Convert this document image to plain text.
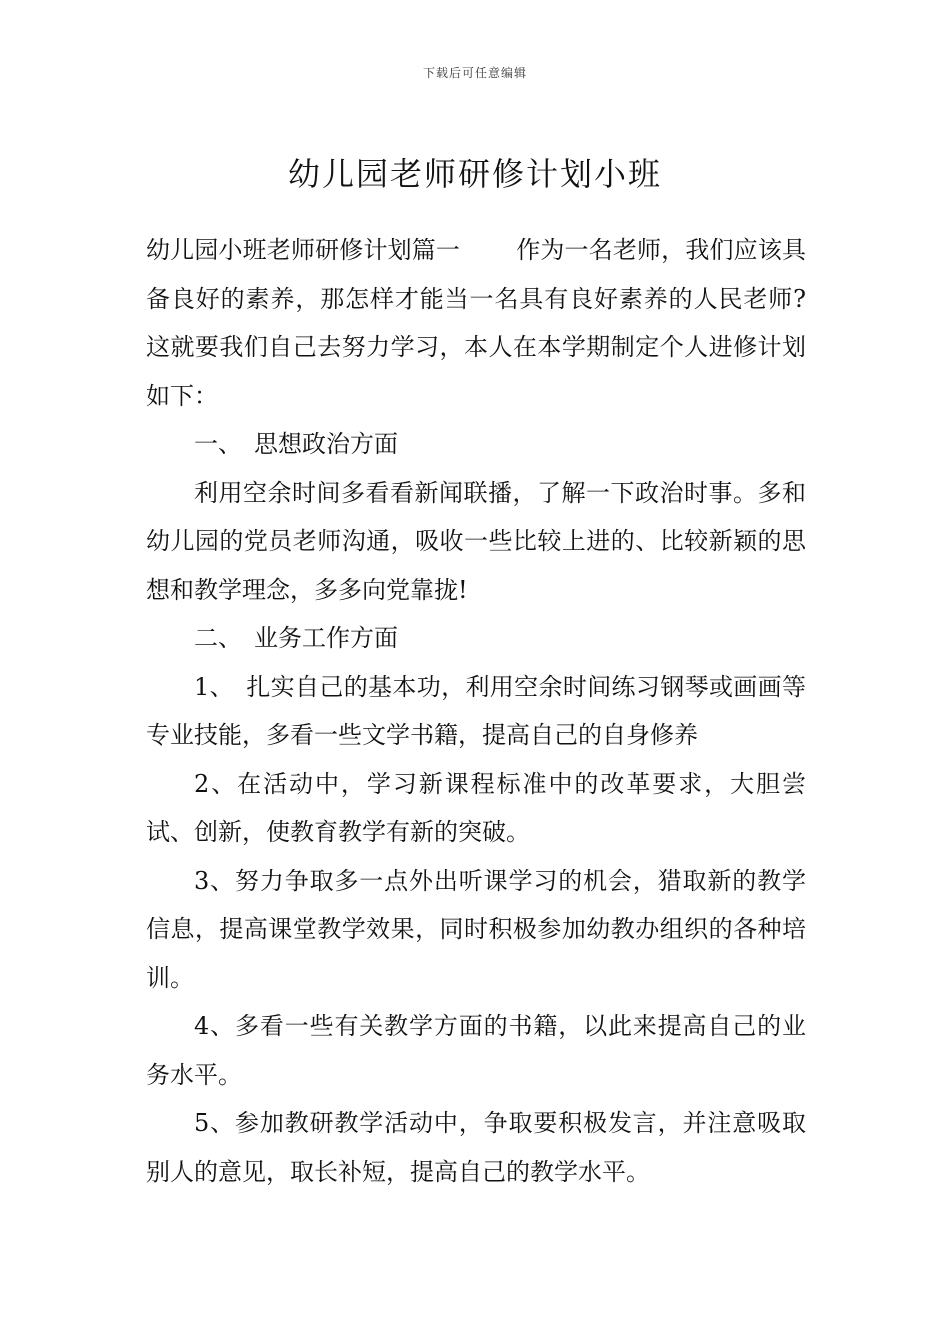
下载后可任意编辑
幼儿园老师研修计划小班

幼儿园小班老师研修计划篇一　　 作为一名老师，我们应该具备良好的素养，那怎样才能当一名具有良好素养的人民老师?这就要我们自己去努力学习，本人在本学期制定个人进修计划如下：

一、　思想政治方面

利用空余时间多看看新闻联播，了解一下政治时事。多和幼儿园的党员老师沟通，吸收一些比较上进的、比较新颖的思想和教学理念，多多向党靠拢!

二、　业务工作方面

1、　扎实自己的基本功，利用空余时间练习钢琴或画画等专业技能，多看一些文学书籍，提高自己的自身修养

2、在活动中，学习新课程标准中的改革要求，大胆尝试、创新，使教育教学有新的突破。

3、努力争取多一点外出听课学习的机会，猎取新的教学信息，提高课堂教学效果，同时积极参加幼教办组织的各种培训。

4、多看一些有关教学方面的书籍，以此来提高自己的业务水平。

5、参加教研教学活动中，争取要积极发言，并注意吸取别人的意见，取长补短，提高自己的教学水平。
